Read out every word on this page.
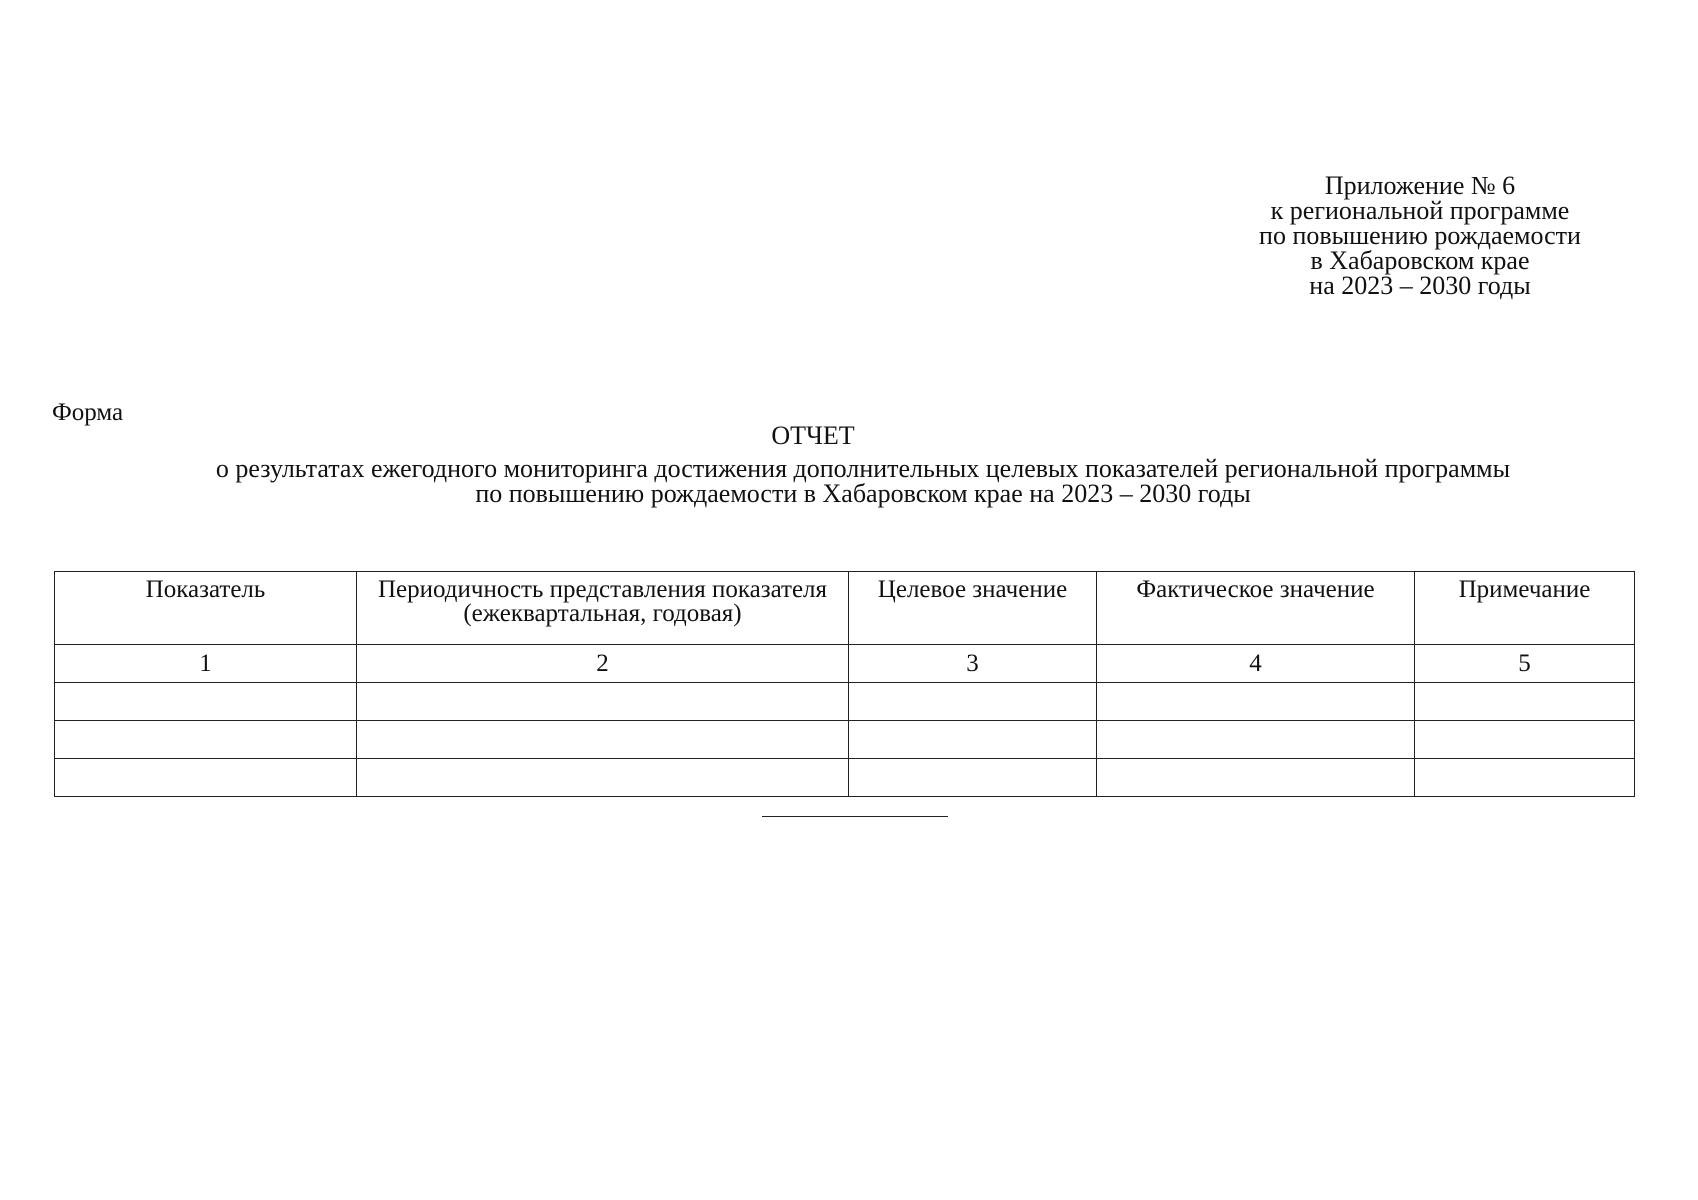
Приложение № 6
к региональной программе
по повышению рождаемости
в Хабаровском крае
на 2023 – 2030 годы
Форма
ОТЧЕТ
о результатах ежегодного мониторинга достижения дополнительных целевых показателей региональной программы
по повышению рождаемости в Хабаровском крае на 2023 – 2030 годы
Показатель	Периодичность представления показателя (ежеквартальная, годовая)	Целевое значение	Фактическое значение	Примечание
1	2	3	4	5
